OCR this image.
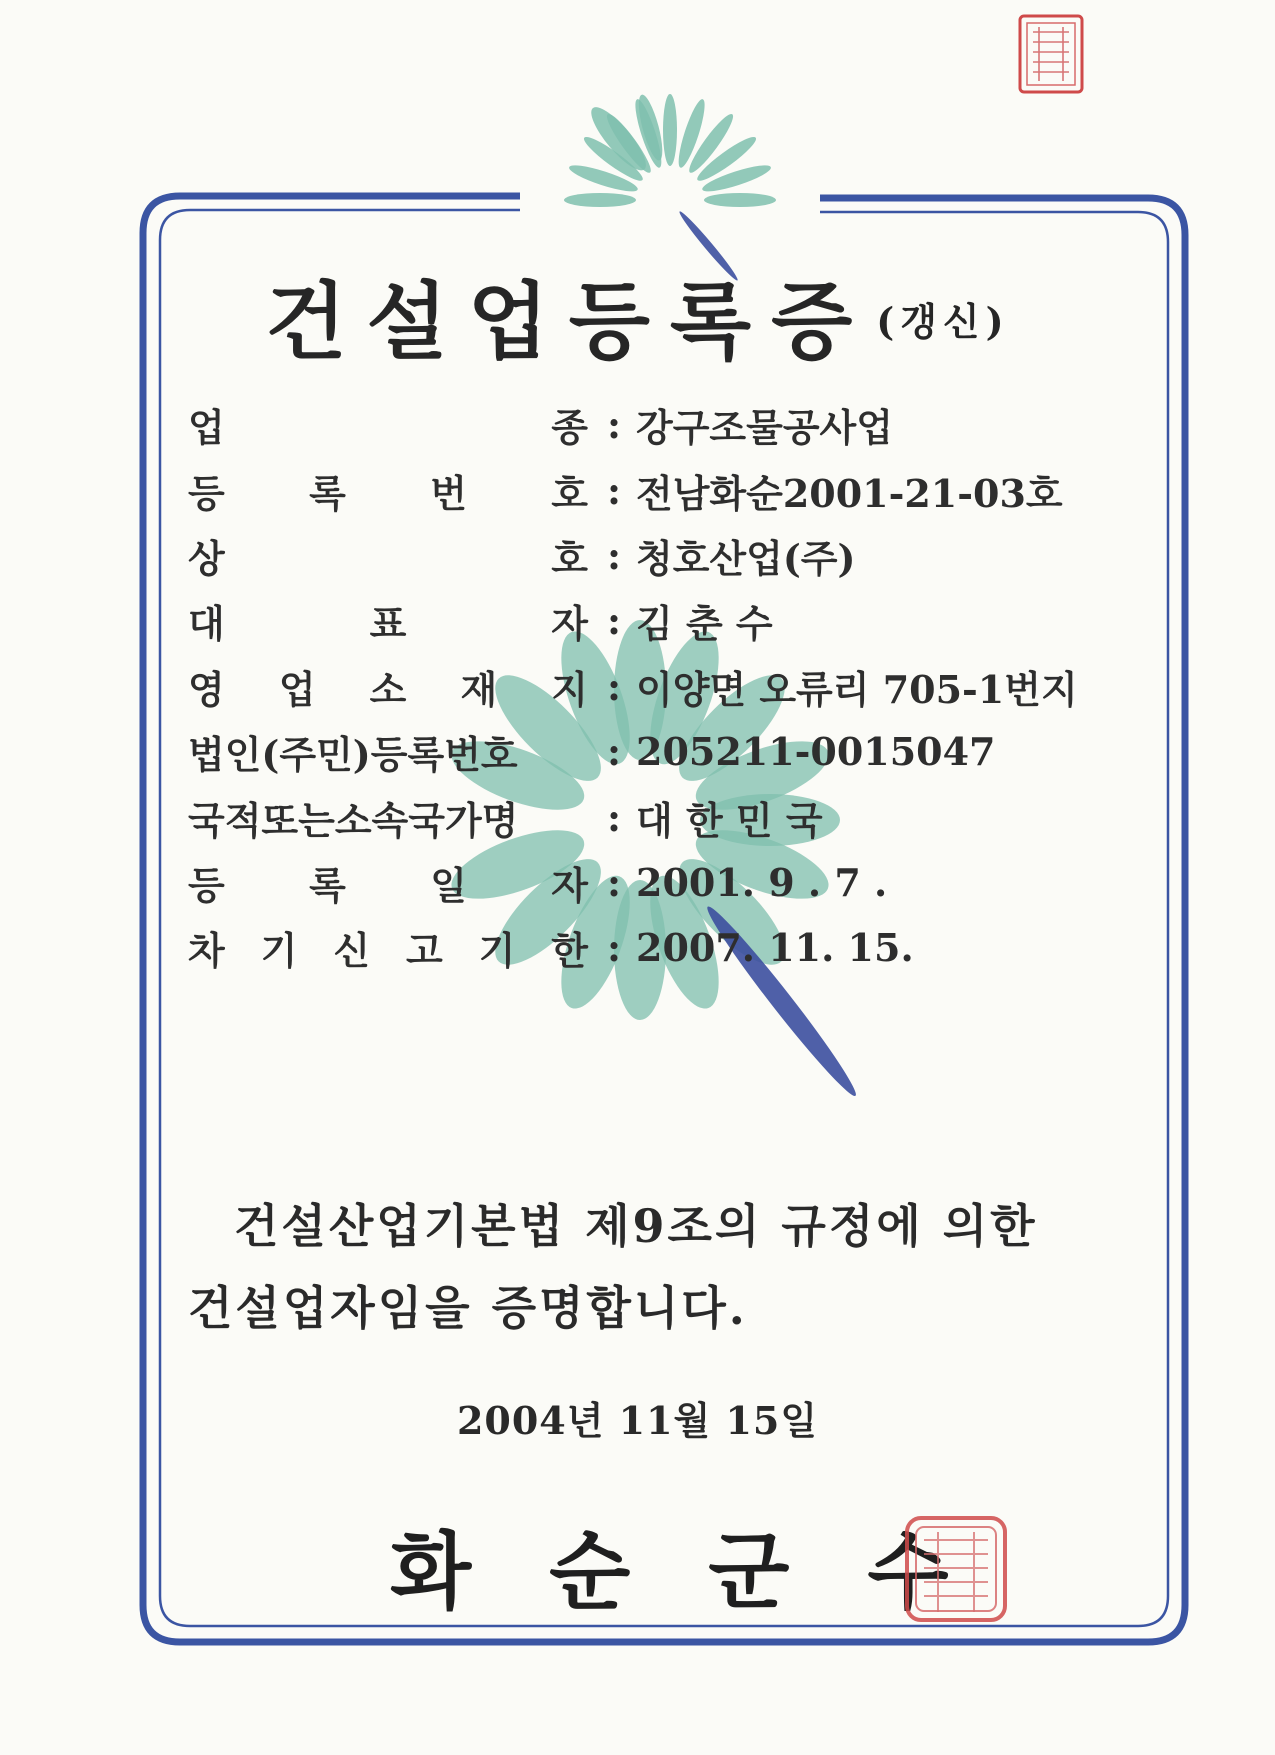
건설업등록증 (갱신)
업	종 : 강구조물공사업
등 록 번 호 : 전남화순2001-21-03호
상	호 : 청호산업(주)
대	표	자 : 김 춘 수
영 업 소 재 지 : 이양면 오류리 705-1번지
법인(주민)등록번호	: 205211-0015047
국적또는소속국가명	: 대 한 민 국
등 록 일 자 : 2001. 9 . 7 .
차 기 신 고 기 한 : 2007. 11. 15.
건설산업기본법 제9조의 규정에 의한
건설업자임을 증명합니다.
2004년 11월 15일
화순군수
